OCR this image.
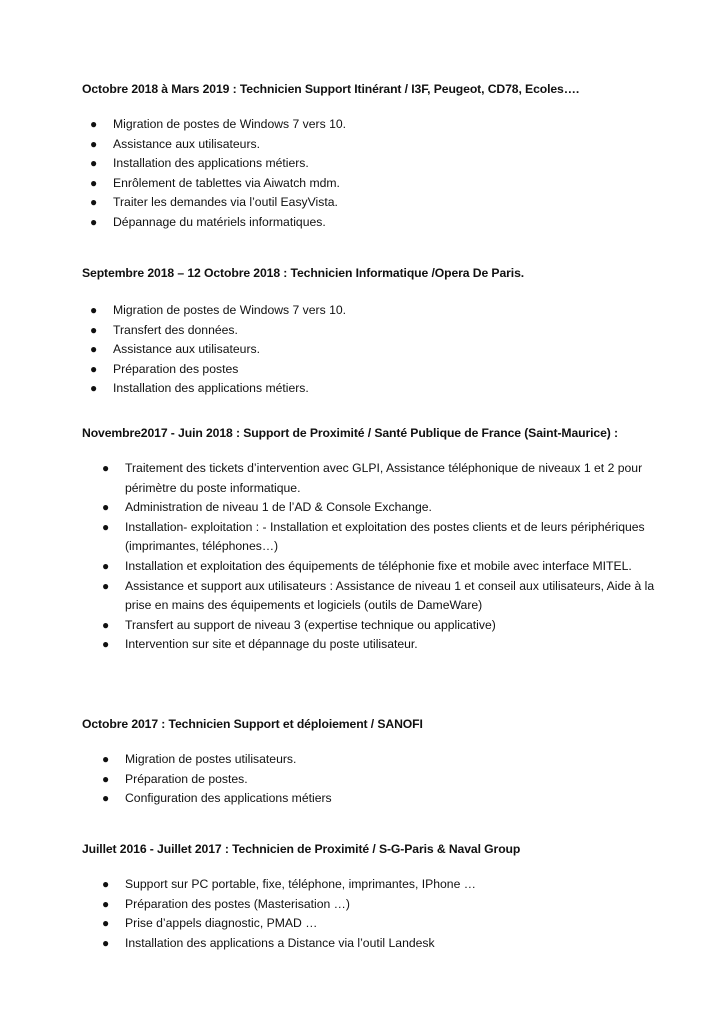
Octobre 2018 à Mars 2019 : Technicien Support Itinérant / I3F, Peugeot, CD78, Ecoles….

● Migration de postes de Windows 7 vers 10.
● Assistance aux utilisateurs.
● Installation des applications métiers.
● Enrôlement de tablettes via Aiwatch mdm.
● Traiter les demandes via l’outil EasyVista.
● Dépannage du matériels informatiques.

Septembre 2018 – 12 Octobre 2018 : Technicien Informatique /Opera De Paris.

● Migration de postes de Windows 7 vers 10.
● Transfert des données.
● Assistance aux utilisateurs.
● Préparation des postes
● Installation des applications métiers.

Novembre2017 - Juin 2018 : Support de Proximité / Santé Publique de France (Saint-Maurice) :

● Traitement des tickets d’intervention avec GLPI, Assistance téléphonique de niveaux 1 et 2 pour périmètre du poste informatique.
● Administration de niveau 1 de l’AD & Console Exchange.
● Installation- exploitation : - Installation et exploitation des postes clients et de leurs périphériques (imprimantes, téléphones…)
● Installation et exploitation des équipements de téléphonie fixe et mobile avec interface MITEL.
● Assistance et support aux utilisateurs : Assistance de niveau 1 et conseil aux utilisateurs, Aide à la prise en mains des équipements et logiciels (outils de DameWare)
● Transfert au support de niveau 3 (expertise technique ou applicative)
● Intervention sur site et dépannage du poste utilisateur.

Octobre 2017 : Technicien Support et déploiement / SANOFI

● Migration de postes utilisateurs.
● Préparation de postes.
● Configuration des applications métiers

Juillet 2016 - Juillet 2017 : Technicien de Proximité / S-G-Paris & Naval Group

● Support sur PC portable, fixe, téléphone, imprimantes, IPhone …
● Préparation des postes (Masterisation …)
● Prise d’appels diagnostic, PMAD …
● Installation des applications a Distance via l’outil Landesk
